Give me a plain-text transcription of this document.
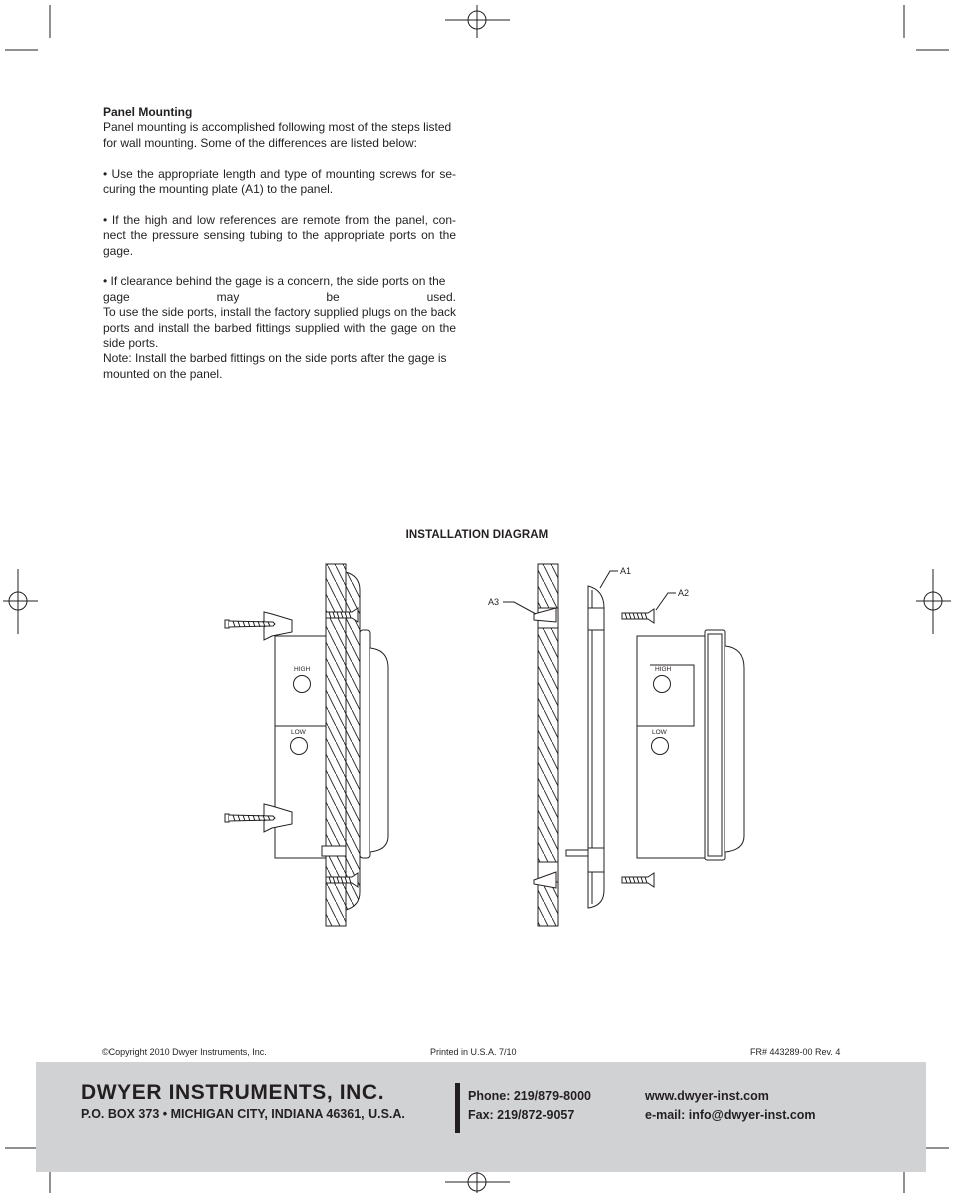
Panel Mounting

Panel mounting is accomplished following most of the steps listed for wall mounting. Some of the differences are listed below:

• Use the appropriate length and type of mounting screws for se-curing the mounting plate (A1) to the panel.

• If the high and low references are remote from the panel, con-nect the pressure sensing tubing to the appropriate ports on the gage.

• If clearance behind the gage is a concern, the side ports on the

gage may be used.

To use the side ports, install the factory supplied plugs on the back ports and install the barbed fittings supplied with the gage on the side ports.

Note: Install the barbed fittings on the side ports after the gage is mounted on the panel.

INSTALLATION DIAGRAM
HIGH
LOW
HIGH
LOW
A1
A2
A3
©Copyright 2010 Dwyer Instruments, Inc.	Printed in U.S.A. 7/10	FR# 443289-00 Rev. 4
DWYER INSTRUMENTS, INC.
P.O. BOX 373 • MICHIGAN CITY, INDIANA 46361, U.S.A.
Phone: 219/879-8000
Fax: 219/872-9057
www.dwyer-inst.com
e-mail: info@dwyer-inst.com
